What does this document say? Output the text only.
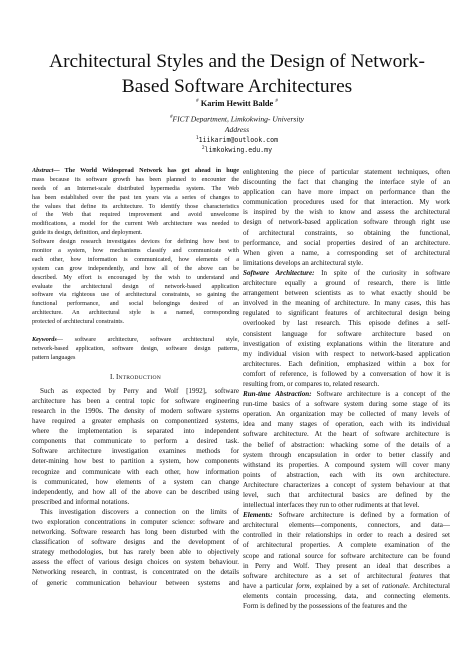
Architectural Styles and the Design of Network-
Based Software Architectures
# Karim Hewitt Balde #
#FICT Department, Limkokwing- University
Address
$^1$1iikarim@outlook.com
$^2$limkokwing.edu.my

Abstract— The World Widespread Network has get ahead in huge
mass because its software growth has been planned to encounter the
needs of an Internet-scale distributed hypermedia system. The Web
has been established over the past ten years via a series of changes to
the values that define its architecture. To identify those characteristics
of the Web that required improvement and avoid unwelcome
modifications, a model for the current Web architecture was needed to
guide its design, definition, and deployment.
Software design research investigates devices for defining how best to
monitor a system, how mechanisms classify and communicate with
each other, how information is communicated, how elements of a
system can grow independently, and how all of the above can be
described. My effort is encouraged by the wish to understand and
evaluate the architectural design of network-based application
software via righteous use of architectural constraints, so gaining the
functional performance, and social belongings desired of an
architecture. An architectural style is a named, corresponding
protected of architectural constraints.

Keywords— software architecture, software architectural style,
network-based application, software design, software design patterns,
pattern languages

I. INTRODUCTION

Such as expected by Perry and Wolf [1992], software
architecture has been a central topic for software engineering
research in the 1990s. The density of modern software systems
have required a greater emphasis on componentized systems,
where the implementation is separated into independent
components that communicate to perform a desired task.
Software architecture investigation examines methods for
deter-mining how best to partition a system, how components
recognize and communicate with each other, how information
is communicated, how elements of a system can change
independently, and how all of the above can be described using
prescribed and informal notations.

This investigation discovers a connection on the limits of
two exploration concentrations in computer science: software and
networking. Software research has long been disturbed with the
classification of software designs and the development of
strategy methodologies, but has rarely been able to objectively
assess the effect of various design choices on system behaviour.
Networking research, in contrast, is concentrated on the details
of generic communication behaviour between systems and

enlightening the piece of particular statement techniques, often
discounting the fact that changing the interface style of an
application can have more impact on performance than the
communication procedures used for that interaction. My work
is inspired by the wish to know and assess the architectural
design of network-based application software through right use
of architectural constraints, so obtaining the functional,
performance, and social properties desired of an architecture.
When given a name, a corresponding set of architectural
limitations develops an architectural style.

Software Architecture: In spite of the curiosity in software
architecture equally a ground of research, there is little
arrangement between scientists as to what exactly should be
involved in the meaning of architecture. In many cases, this has
regulated to significant features of architectural design being
overlooked by last research. This episode defines a self-
consistent language for software architecture based on
investigation of existing explanations within the literature and
my individual vision with respect to network-based application
architectures. Each definition, emphasized within a box for
comfort of reference, is followed by a conversation of how it is
resulting from, or compares to, related research.

Run-time Abstraction: Software architecture is a concept of the
run-time basics of a software system during some stage of its
operation. An organization may be collected of many levels of
idea and many stages of operation, each with its individual
software architecture. At the heart of software architecture is
the belief of abstraction: whacking some of the details of a
system through encapsulation in order to better classify and
withstand its properties. A compound system will cover many
points of abstraction, each with its own architecture.
Architecture characterizes a concept of system behaviour at that
level, such that architectural basics are defined by the
intellectual interfaces they run to other rudiments at that level.

Elements: Software architecture is defined by a formation of
architectural elements—components, connectors, and data—
controlled in their relationships in order to reach a desired set
of architectural properties. A complete examination of the
scope and rational source for software architecture can be found
in Perry and Wolf. They present an ideal that describes a
software architecture as a set of architectural features that
have a particular form, explained by a set of rationale. Architectural
elements contain processing, data, and connecting elements.
Form is defined by the possessions of the features and the
